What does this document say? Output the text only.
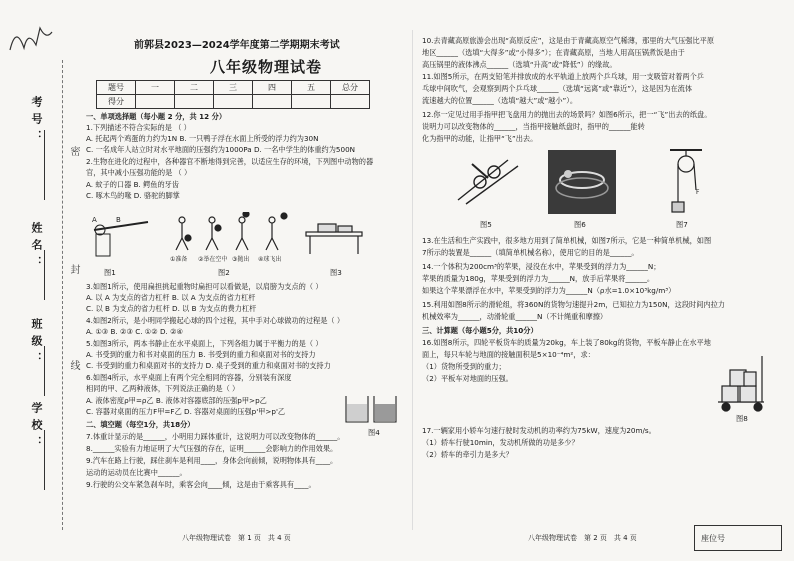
考号：
姓名：
班级：
学校：
密
封
线
前郭县2023—2024学年度第二学期期末考试
八年级物理试卷
题号	一	二	三	四	五	总分
得分						
一、单项选择题（每小题 2 分，共 12 分）
1.下列描述不符合实际的是 （ ）
A. 托起两个鸡蛋的力约为1N B. 一只鸭子浮在水面上所受的浮力约为30N
C. 一名成年人站立时对水平地面的压强约为1000Pa D. 一名中学生的体重约为500N
2.生物在进化的过程中，各种器官不断地得到完善，以适应生存的环境，下列图中动物的器
官，其中减小压强功能的是 （ ）
A. 蚊子的口器 B. 鳄鱼的牙齿
C. 啄木鸟的喙 D. 骆驼的脚掌
A	B
①准备 ②举在空中 ③抛出 ④球飞出
图1	图2	图3
3.如图1所示，使用扁担挑起重物时扁担可以看做是，以肩膀为支点的（ ）
A. 以 A 为支点的省力杠杆 B. 以 A 为支点的省力杠杆
C. 以 B 为支点的省力杠杆 D. 以 B 为支点的费力杠杆
4.如图2所示，是小明同学搬起心球的四个过程，其中手对心球做功的过程是（ ）
A. ①③ B. ②③ C. ①② D. ②④
5.如图3所示，两本书静止在水平桌面上，下列各组力属于平衡力的是（ ）
A. 书受到的重力和书对桌面的压力 B. 书受到的重力和桌面对书的支持力
C. 书受到的重力和桌面对书的支持力 D. 桌子受到的重力和桌面对书的支持力
6.如图4所示，水平桌面上有两个完全相同的容器，分别装有深度
相同的甲、乙两种液体，下列说法正确的是（ ）
A. 液体密度ρ甲=ρ乙 B. 液体对容器底部的压强p甲>p乙
C. 容器对桌面的压力F甲=F乙 D. 容器对桌面的压强p'甲>p'乙
图4
二、填空题（每空1分，共18分）
7.体重计显示的是______，小明用力踩体重计，这说明力可以改变物体的______。
8.______实验有力地证明了大气压强的存在，证明______会影响力的作用效果。
9.汽车在路上行驶，踩住刹车是利用____，身体会向前倾，说明物体具有____。
运动的运动员在比赛中______。
9.行驶的公交车紧急刹车时，乘客会向____倾，这是由于乘客具有____。
八年级物理试卷　第 1 页　共 4 页
10.去青藏高原旅游会出现“高原反应”，这是由于青藏高原空气稀薄，那里的大气压强比平原
地区______（选填“大得多”或“小得多”）；在青藏高原，当地人用高压锅煮饭是由于
高压锅里的液体沸点______（选填“升高”或“降低”）的缘故。
11.如图5所示，在两支铅笔并排放成的水平轨道上放两个乒乓球，用一支吸管对着两个乒
乓球中间吹气，会观察到两个乒乓球______（选填“远离”或“靠近”），这是因为在流体
流速越大的位置______（选填“越大”或“越小”）。
12.你一定见过用手指甲把飞盘用力的抛出去的场景吗？如图6所示，把一“飞”出去的纸盘。
说明力可以改变物体的______，当指甲接触纸盘时，指甲的______能转
化为指甲的动能，让指甲“飞”出去。
F
图5	图6	图7
13.在生活和生产实践中，很多地方用到了简单机械，如图7所示，它是一种简单机械，如图
7所示的装置是______（填简单机械名称），使用它的目的是______。
14.一个体积为200cm³的苹果，浸没在水中，苹果受到的浮力为______N；
苹果的质量为180g，苹果受到的浮力为______N，放手后苹果将______。
如果这个苹果漂浮在水中，苹果受到的浮力为______N（ρ水=1.0×10³kg/m³）
15.利用如图8所示的滑轮组，将360N的货物匀速提升2m，已知拉力为150N，这段时间内拉力
机械效率为______，动滑轮重______N（不计绳重和摩擦）
三、计算题（每小题5分，共10分）
16.如图8所示，四轮平板货车的质量为20kg，车上装了80kg的货物，平板车静止在水平地
面上，每只车轮与地面的接触面积是5×10⁻⁴m²，求：
（1）货物所受到的重力；
（2）平板车对地面的压强。
图8
17.一辆家用小轿车匀速行驶时发动机的功率约为75kW，速度为20m/s。
（1）轿车行驶10min，发动机所做的功是多少？
（2）轿车的牵引力是多大？
八年级物理试卷　第 2 页　共 4 页	座位号
